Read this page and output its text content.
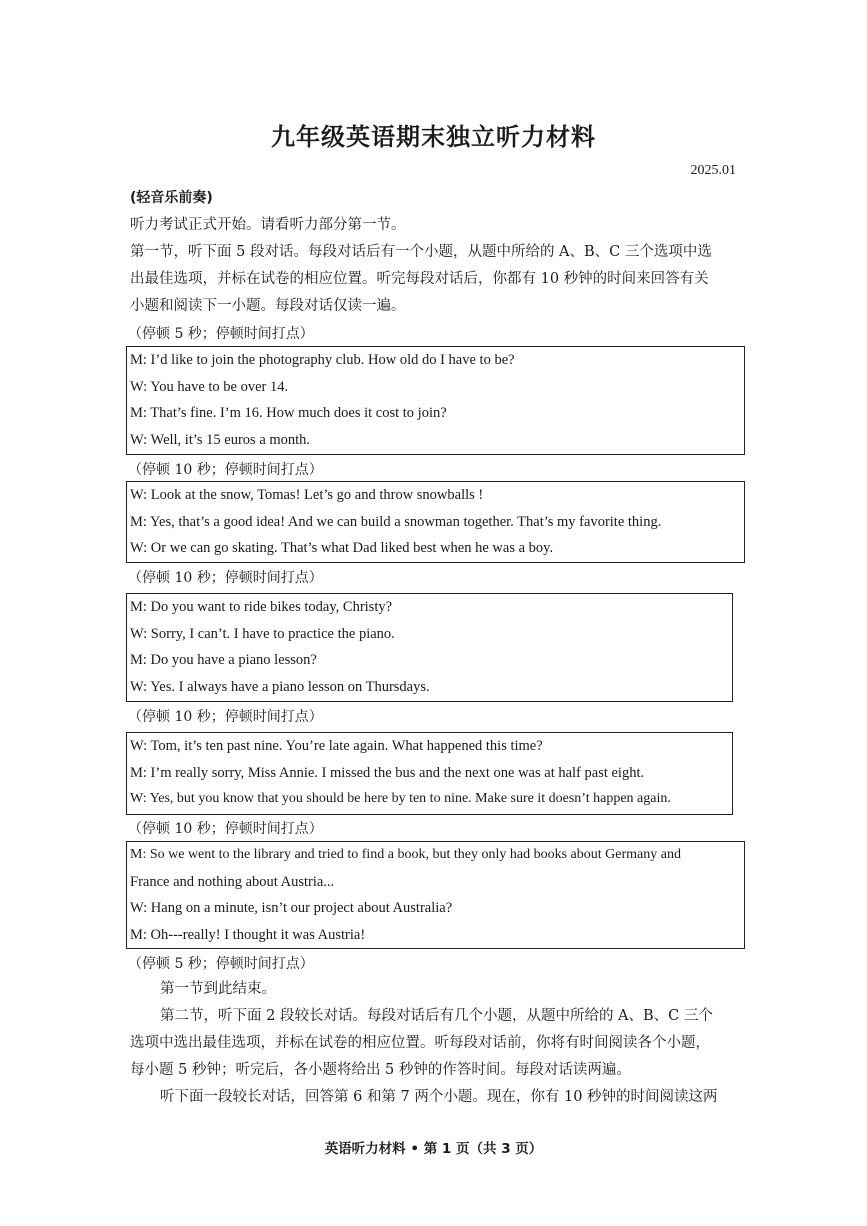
九年级英语期末独立听力材料
2025.01
(轻音乐前奏)
听力考试正式开始。请看听力部分第一节。
第一节，听下面 5 段对话。每段对话后有一个小题，从题中所给的 A、B、C 三个选项中选
出最佳选项，并标在试卷的相应位置。听完每段对话后，你都有 10 秒钟的时间来回答有关
小题和阅读下一小题。每段对话仅读一遍。
（停顿 5 秒；停顿时间打点）
M: I’d like to join the photography club. How old do I have to be?
W: You have to be over 14.
M: That’s fine. I’m 16. How much does it cost to join?
W: Well, it’s 15 euros a month.
（停顿 10 秒；停顿时间打点）
W: Look at the snow, Tomas! Let’s go and throw snowballs !
M: Yes, that’s a good idea! And we can build a snowman together. That’s my favorite thing.
W: Or we can go skating. That’s what Dad liked best when he was a boy.
（停顿 10 秒；停顿时间打点）
M: Do you want to ride bikes today, Christy?
W: Sorry, I can’t. I have to practice the piano.
M: Do you have a piano lesson?
W: Yes. I always have a piano lesson on Thursdays.
（停顿 10 秒；停顿时间打点）
W: Tom, it’s ten past nine. You’re late again. What happened this time?
M: I’m really sorry, Miss Annie. I missed the bus and the next one was at half past eight.
W: Yes, but you know that you should be here by ten to nine. Make sure it doesn’t happen again.
（停顿 10 秒；停顿时间打点）
M: So we went to the library and tried to find a book, but they only had books about Germany and
France and nothing about Austria...
W: Hang on a minute, isn’t our project about Australia?
M: Oh---really! I thought it was Austria!
（停顿 5 秒；停顿时间打点）
第一节到此结束。
第二节，听下面 2 段较长对话。每段对话后有几个小题，从题中所给的 A、B、C 三个
选项中选出最佳选项，并标在试卷的相应位置。听每段对话前，你将有时间阅读各个小题，
每小题 5 秒钟；听完后，各小题将给出 5 秒钟的作答时间。每段对话读两遍。
听下面一段较长对话，回答第 6 和第 7 两个小题。现在，你有 10 秒钟的时间阅读这两
英语听力材料 • 第 1 页（共 3 页）
